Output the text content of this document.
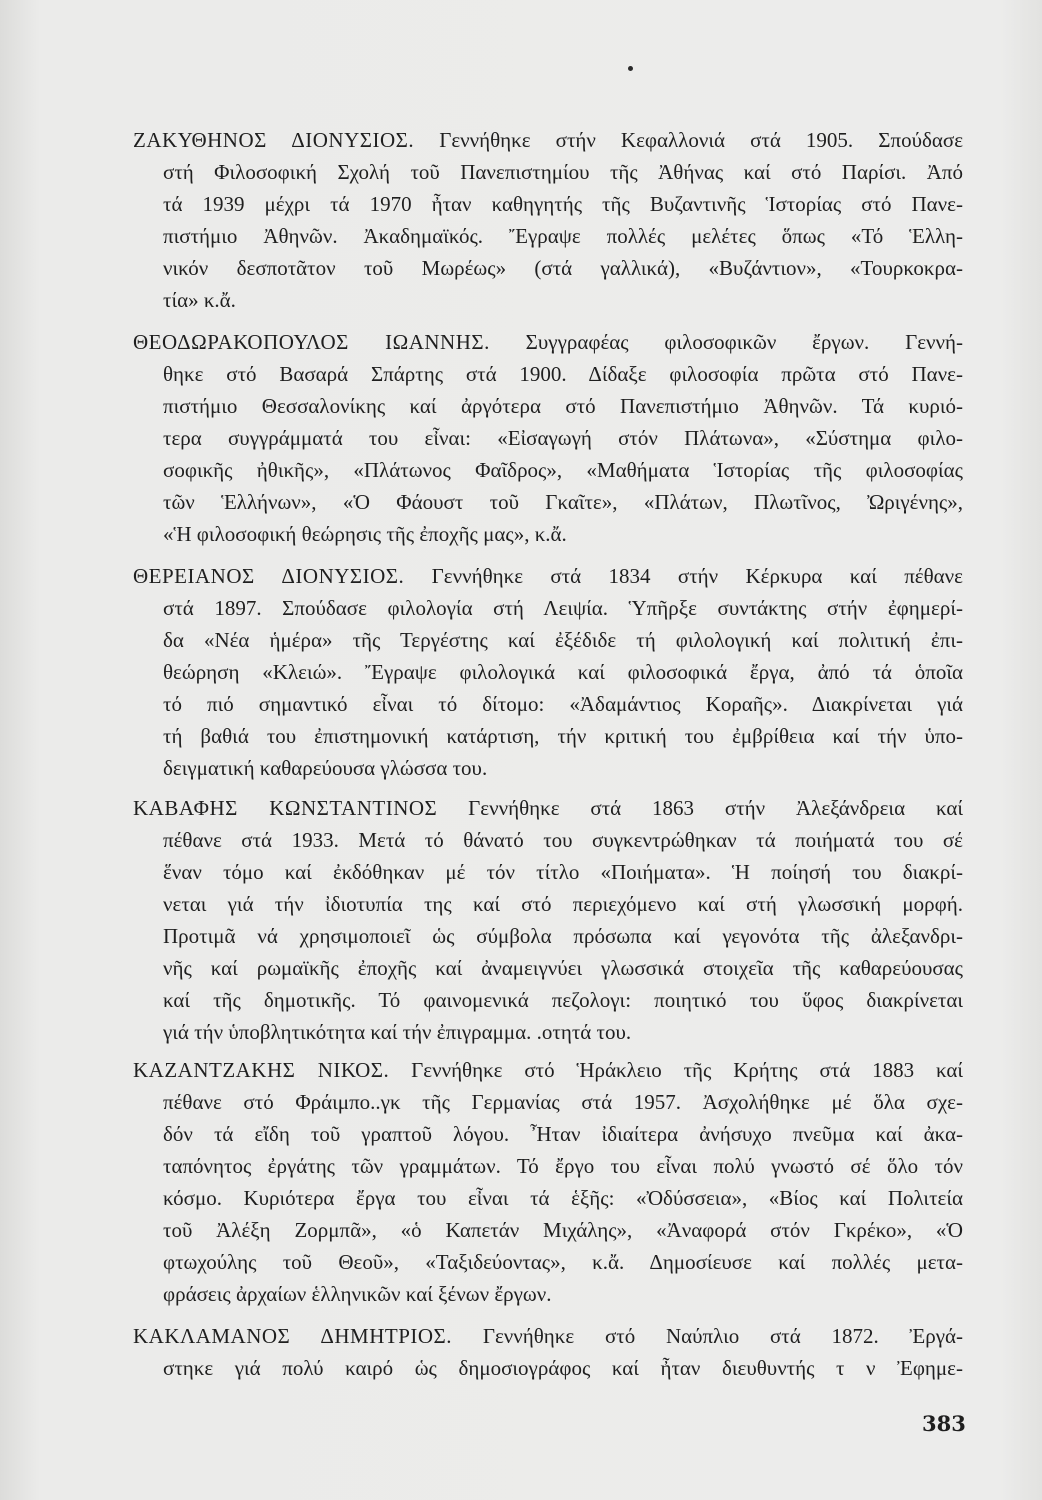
ΖΑΚΥΘΗΝΟΣ ΔΙΟΝΥΣΙΟΣ. Γεννήθηκε στήν Κεφαλλονιά στά 1905. Σπούδασε
στή Φιλοσοφική Σχολή τοῦ Πανεπιστημίου τῆς Ἀθήνας καί στό Παρίσι. Ἀπό
τά 1939 μέχρι τά 1970 ἦταν καθηγητής τῆς Βυζαντινῆς Ἱστορίας στό Πανε-
πιστήμιο Ἀθηνῶν. Ἀκαδημαϊκός. Ἔγραψε πολλές μελέτες ὅπως «Τό Ἑλλη-
νικόν δεσποτᾶτον τοῦ Μωρέως» (στά γαλλικά), «Βυζάντιον», «Τουρκοκρα-
τία» κ.ἄ.
ΘΕΟΔΩΡΑΚΟΠΟΥΛΟΣ ΙΩΑΝΝΗΣ. Συγγραφέας φιλοσοφικῶν ἔργων. Γεννή-
θηκε στό Βασαρά Σπάρτης στά 1900. Δίδαξε φιλοσοφία πρῶτα στό Πανε-
πιστήμιο Θεσσαλονίκης καί ἀργότερα στό Πανεπιστήμιο Ἀθηνῶν. Τά κυριό-
τερα συγγράμματά του εἶναι: «Εἰσαγωγή στόν Πλάτωνα», «Σύστημα φιλο-
σοφικῆς ἠθικῆς», «Πλάτωνος Φαῖδρος», «Μαθήματα Ἱστορίας τῆς φιλοσοφίας
τῶν Ἑλλήνων», «Ὁ Φάουστ τοῦ Γκαῖτε», «Πλάτων, Πλωτῖνος, Ὠριγένης»,
«Ἡ φιλοσοφική θεώρησις τῆς ἐποχῆς μας», κ.ἄ.
ΘΕΡΕΙΑΝΟΣ ΔΙΟΝΥΣΙΟΣ. Γεννήθηκε στά 1834 στήν Κέρκυρα καί πέθανε
στά 1897. Σπούδασε φιλολογία στή Λειψία. Ὑπῆρξε συντάκτης στήν ἐφημερί-
δα «Νέα ἡμέρα» τῆς Τεργέστης καί ἐξέδιδε τή φιλολογική καί πολιτική ἐπι-
θεώρηση «Κλειώ». Ἔγραψε φιλολογικά καί φιλοσοφικά ἔργα, ἀπό τά ὁποῖα
τό πιό σημαντικό εἶναι τό δίτομο: «Ἀδαμάντιος Κοραῆς». Διακρίνεται γιά
τή βαθιά του ἐπιστημονική κατάρτιση, τήν κριτική του ἐμβρίθεια καί τήν ὑπο-
δειγματική καθαρεύουσα γλώσσα του.
ΚΑΒΑΦΗΣ ΚΩΝΣΤΑΝΤΙΝΟΣ Γεννήθηκε στά 1863 στήν Ἀλεξάνδρεια καί
πέθανε στά 1933. Μετά τό θάνατό του συγκεντρώθηκαν τά ποιήματά του σέ
ἕναν τόμο καί ἐκδόθηκαν μέ τόν τίτλο «Ποιήματα». Ἡ ποίησή του διακρί-
νεται γιά τήν ἰδιοτυπία της καί στό περιεχόμενο καί στή γλωσσική μορφή.
Προτιμᾶ νά χρησιμοποιεῖ ὡς σύμβολα πρόσωπα καί γεγονότα τῆς ἀλεξανδρι-
νῆς καί ρωμαϊκῆς ἐποχῆς καί ἀναμειγνύει γλωσσικά στοιχεῖα τῆς καθαρεύουσας
καί τῆς δημοτικῆς. Τό φαινομενικά πεζολογι: ποιητικό του ὕφος διακρίνεται
γιά τήν ὑποβλητικότητα καί τήν ἐπιγραμμα. .οτητά του.
ΚΑΖΑΝΤΖΑΚΗΣ ΝΙΚΟΣ. Γεννήθηκε στό Ἡράκλειο τῆς Κρήτης στά 1883 καί
πέθανε στό Φράιμπο..γκ τῆς Γερμανίας στά 1957. Ἀσχολήθηκε μέ ὅλα σχε-
δόν τά εἴδη τοῦ γραπτοῦ λόγου. Ἦταν ἰδιαίτερα ἀνήσυχο πνεῦμα καί ἀκα-
ταπόνητος ἐργάτης τῶν γραμμάτων. Τό ἔργο του εἶναι πολύ γνωστό σέ ὅλο τόν
κόσμο. Κυριότερα ἔργα του εἶναι τά ἑξῆς: «Ὀδύσσεια», «Βίος καί Πολιτεία
τοῦ Ἀλέξη Ζορμπᾶ», «ὁ Καπετάν Μιχάλης», «Ἀναφορά στόν Γκρέκο», «Ὁ
φτωχούλης τοῦ Θεοῦ», «Ταξιδεύοντας», κ.ἄ. Δημοσίευσε καί πολλές μετα-
φράσεις ἀρχαίων ἑλληνικῶν καί ξένων ἔργων.
ΚΑΚΛΑΜΑΝΟΣ ΔΗΜΗΤΡΙΟΣ. Γεννήθηκε στό Ναύπλιο στά 1872. Ἐργά-
στηκε γιά πολύ καιρό ὡς δημοσιογράφος καί ἦταν διευθυντής τ ν Ἐφημε-
383
